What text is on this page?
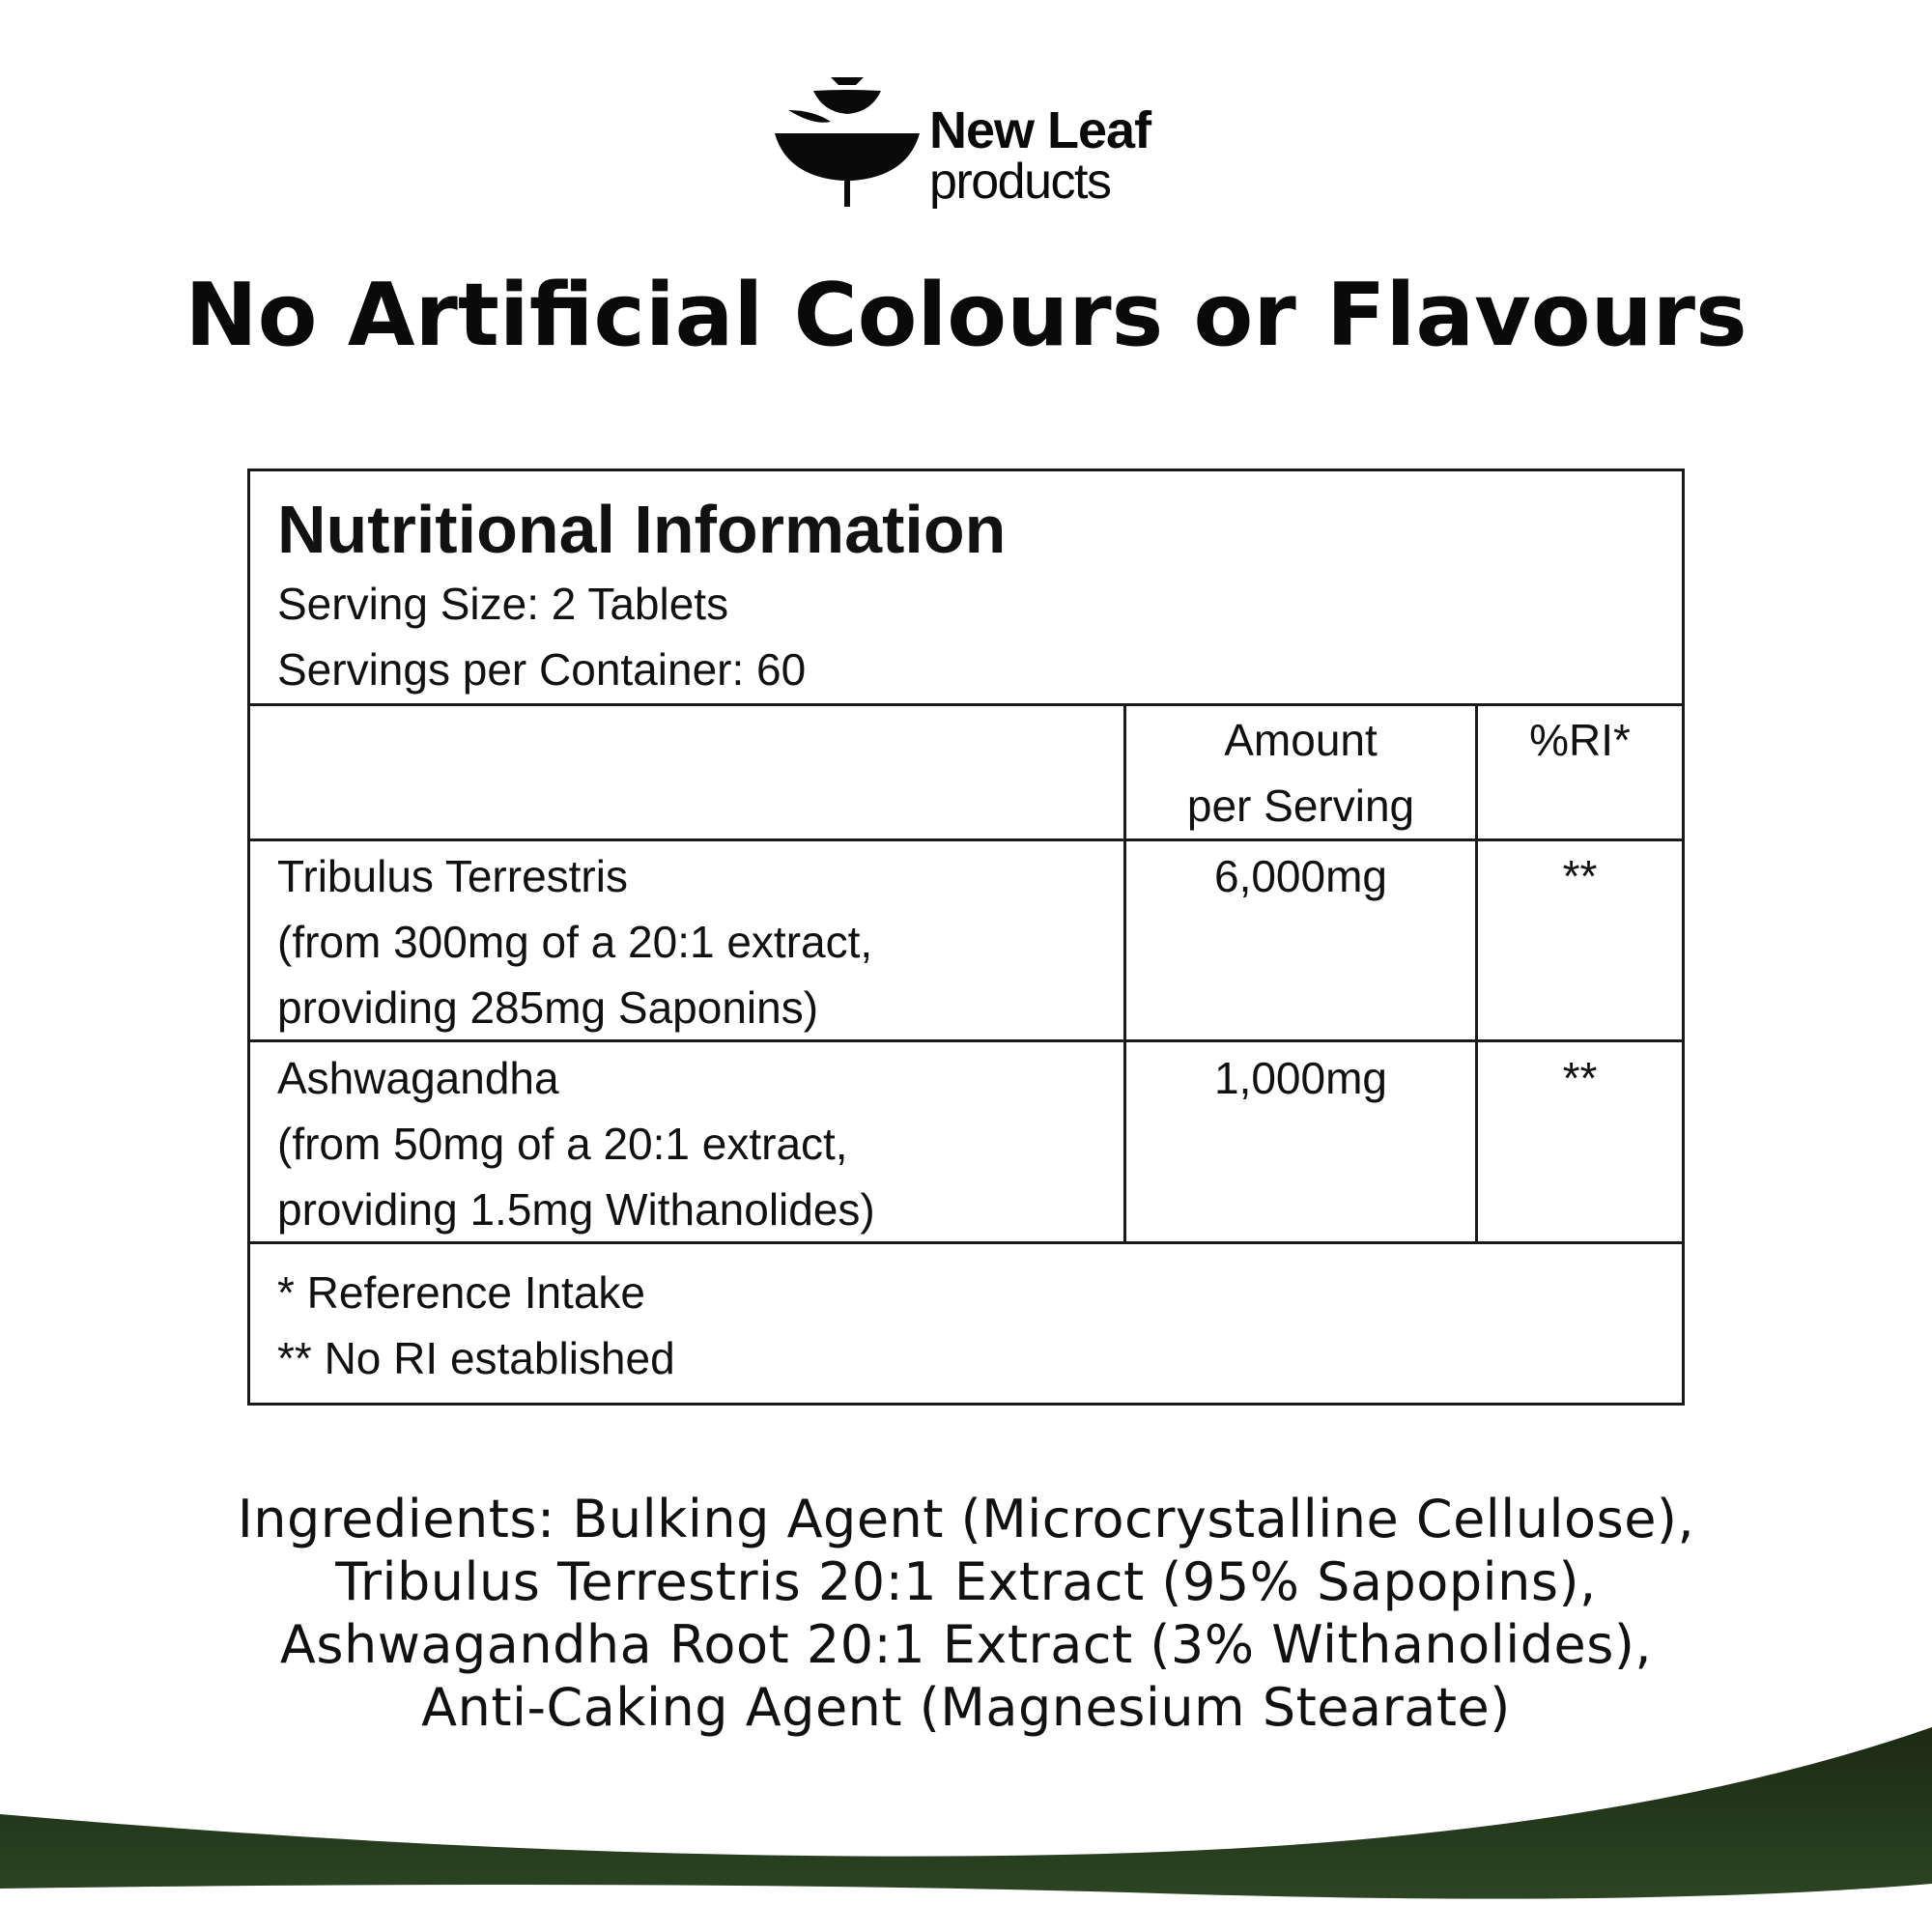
New Leaf
products
No Artificial Colours or Flavours
Nutritional Information
Serving Size: 2 Tablets
Servings per Container: 60
Amount
per Serving
%RI*
Tribulus Terrestris
(from 300mg of a 20:1 extract,
providing 285mg Saponins)
6,000mg	**
Ashwagandha
(from 50mg of a 20:1 extract,
providing 1.5mg Withanolides)
1,000mg	**
* Reference Intake
** No RI established
Ingredients: Bulking Agent (Microcrystalline Cellulose),
Tribulus Terrestris 20:1 Extract (95% Sapopins),
Ashwagandha Root 20:1 Extract (3% Withanolides),
Anti-Caking Agent (Magnesium Stearate)
